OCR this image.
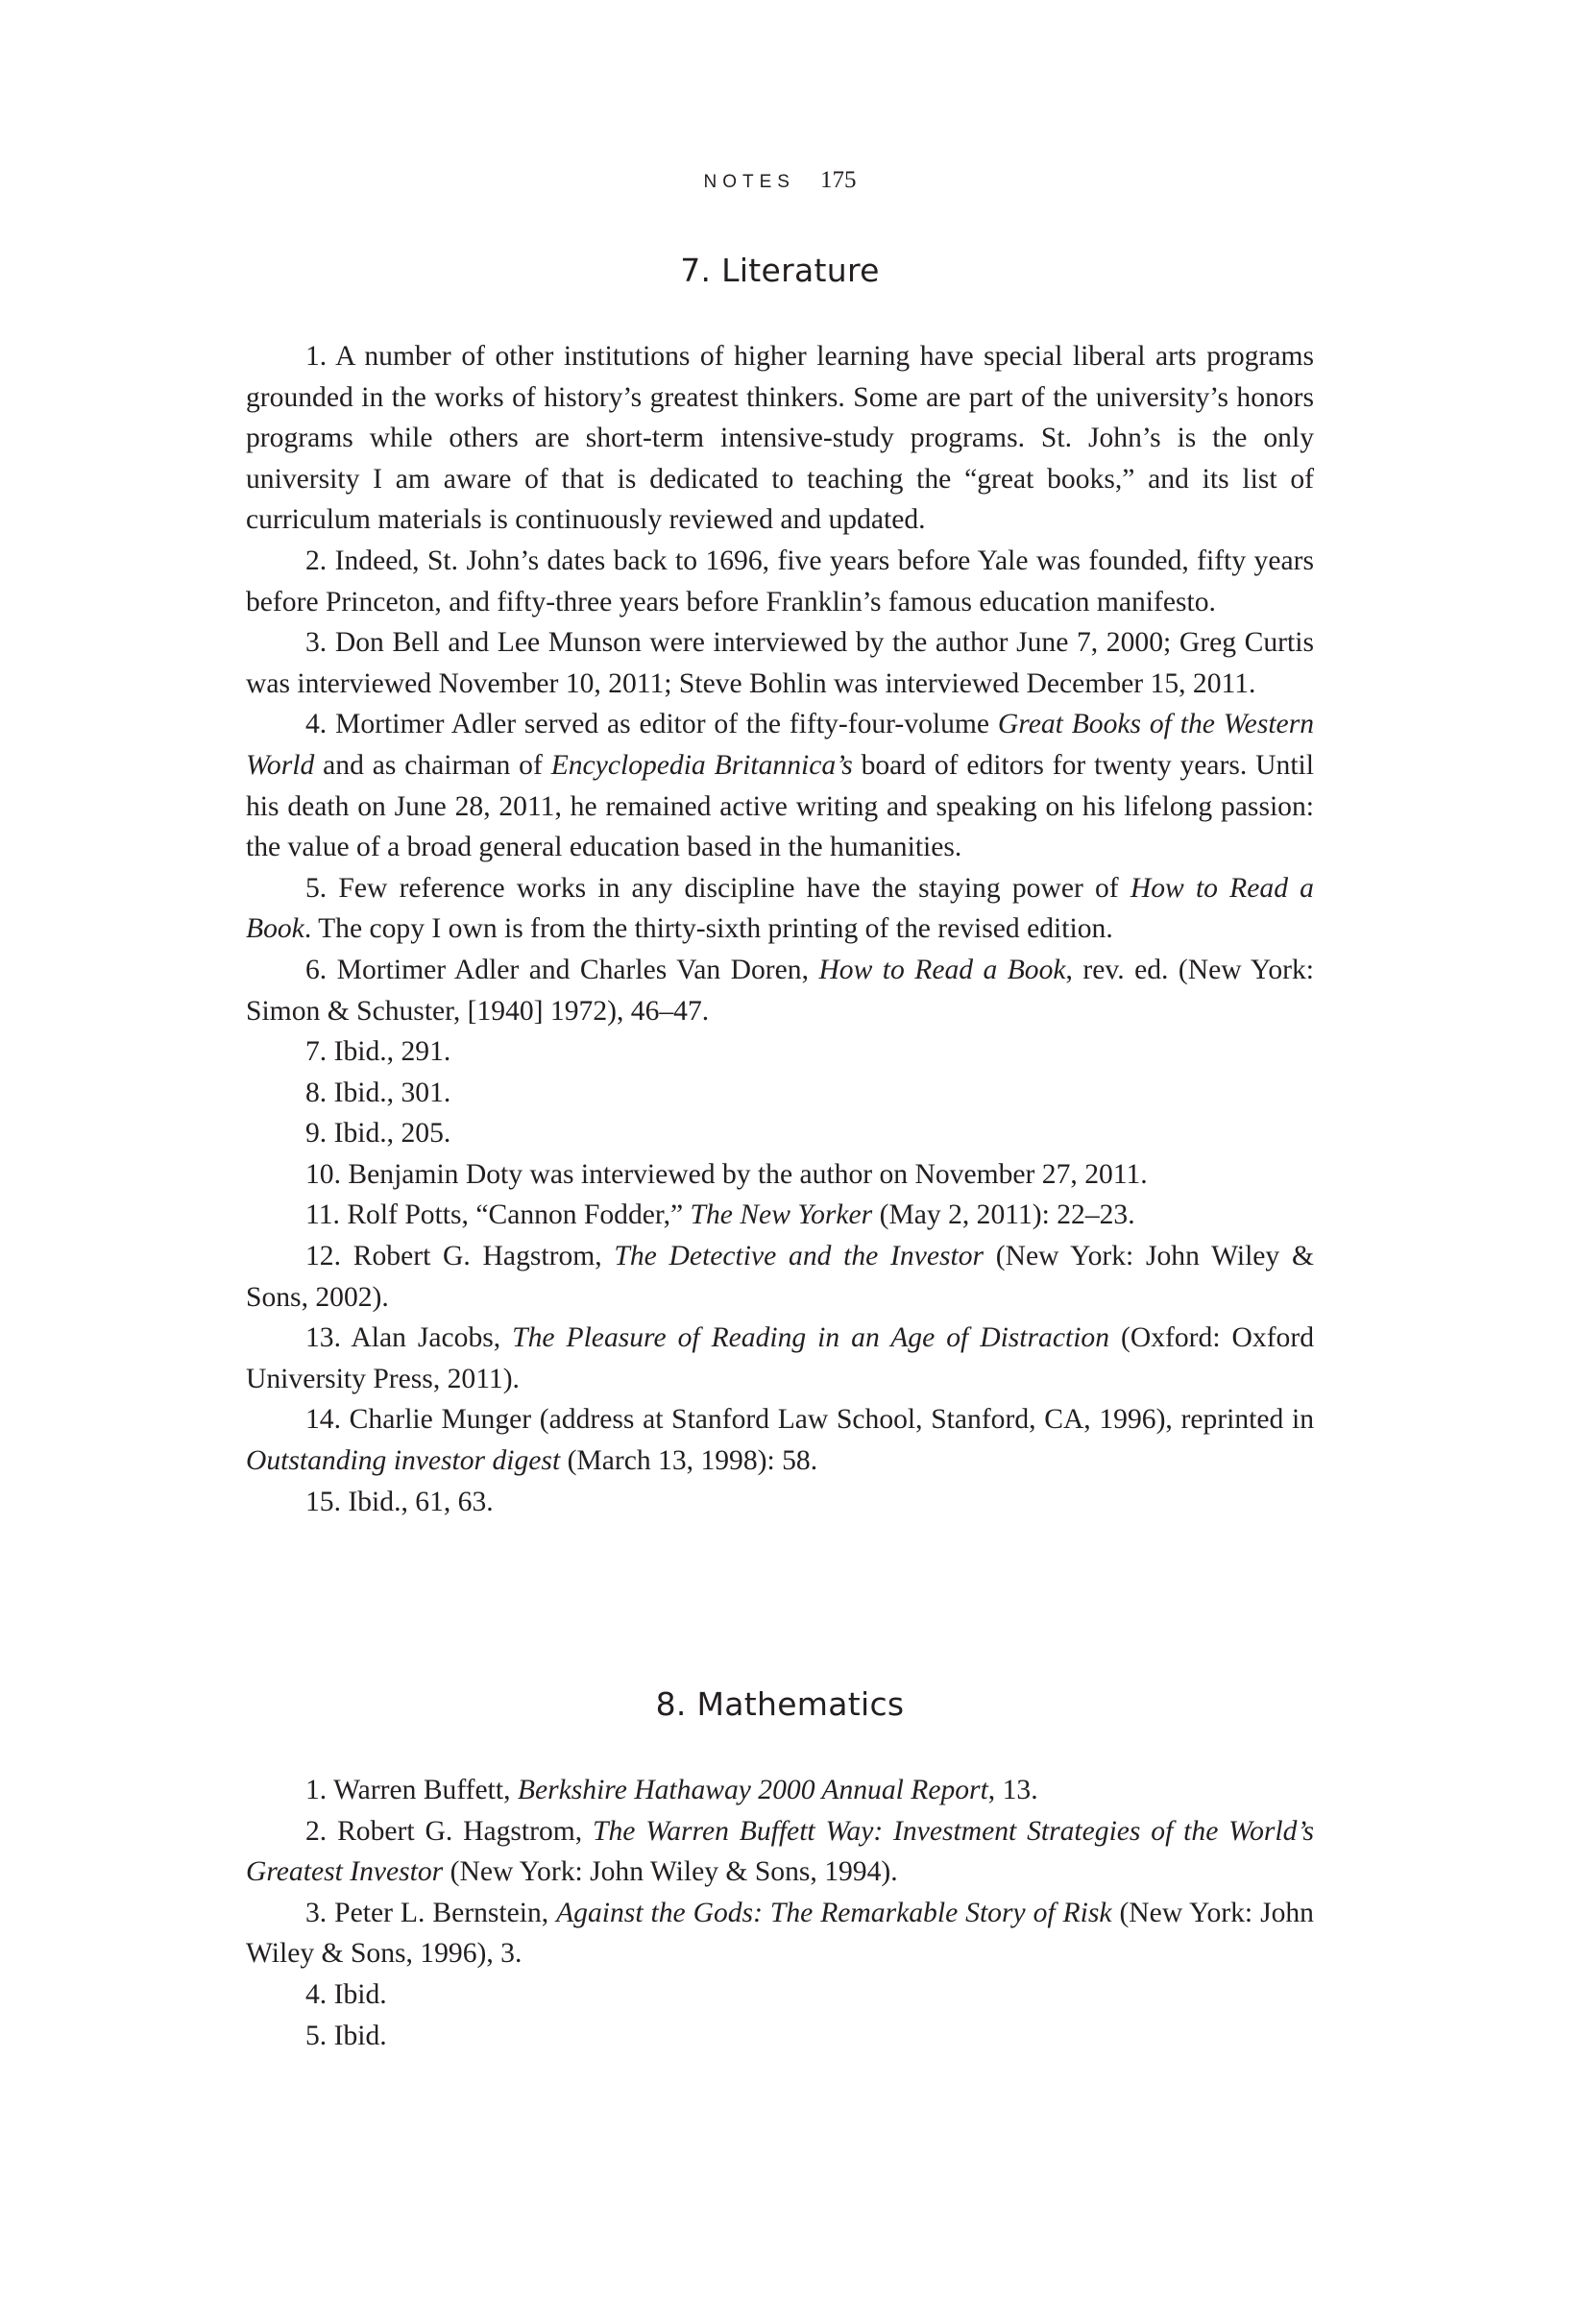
NOTES 175
7. Literature
1. A number of other institutions of higher learning have special liberal arts programs grounded in the works of history’s greatest thinkers. Some are part of the university’s honors programs while others are short-term intensive-study programs. St. John’s is the only university I am aware of that is dedicated to teaching the “great books,” and its list of curriculum materials is continuously reviewed and updated.
2. Indeed, St. John’s dates back to 1696, five years before Yale was founded, fifty years before Princeton, and fifty-three years before Franklin’s famous education manifesto.
3. Don Bell and Lee Munson were interviewed by the author June 7, 2000; Greg Curtis was interviewed November 10, 2011; Steve Bohlin was interviewed December 15, 2011.
4. Mortimer Adler served as editor of the fifty-four-volume Great Books of the Western World and as chairman of Encyclopedia Britannica’s board of editors for twenty years. Until his death on June 28, 2011, he remained active writing and speaking on his lifelong passion: the value of a broad general education based in the humanities.
5. Few reference works in any discipline have the staying power of How to Read a Book. The copy I own is from the thirty-sixth printing of the revised edition.
6. Mortimer Adler and Charles Van Doren, How to Read a Book, rev. ed. (New York: Simon & Schuster, [1940] 1972), 46–47.
7. Ibid., 291.
8. Ibid., 301.
9. Ibid., 205.
10. Benjamin Doty was interviewed by the author on November 27, 2011.
11. Rolf Potts, “Cannon Fodder,” The New Yorker (May 2, 2011): 22–23.
12. Robert G. Hagstrom, The Detective and the Investor (New York: John Wiley & Sons, 2002).
13. Alan Jacobs, The Pleasure of Reading in an Age of Distraction (Oxford: Oxford University Press, 2011).
14. Charlie Munger (address at Stanford Law School, Stanford, CA, 1996), reprinted in Outstanding investor digest (March 13, 1998): 58.
15. Ibid., 61, 63.
8. Mathematics
1. Warren Buffett, Berkshire Hathaway 2000 Annual Report, 13.
2. Robert G. Hagstrom, The Warren Buffett Way: Investment Strategies of the World’s Greatest Investor (New York: John Wiley & Sons, 1994).
3. Peter L. Bernstein, Against the Gods: The Remarkable Story of Risk (New York: John Wiley & Sons, 1996), 3.
4. Ibid.
5. Ibid.
